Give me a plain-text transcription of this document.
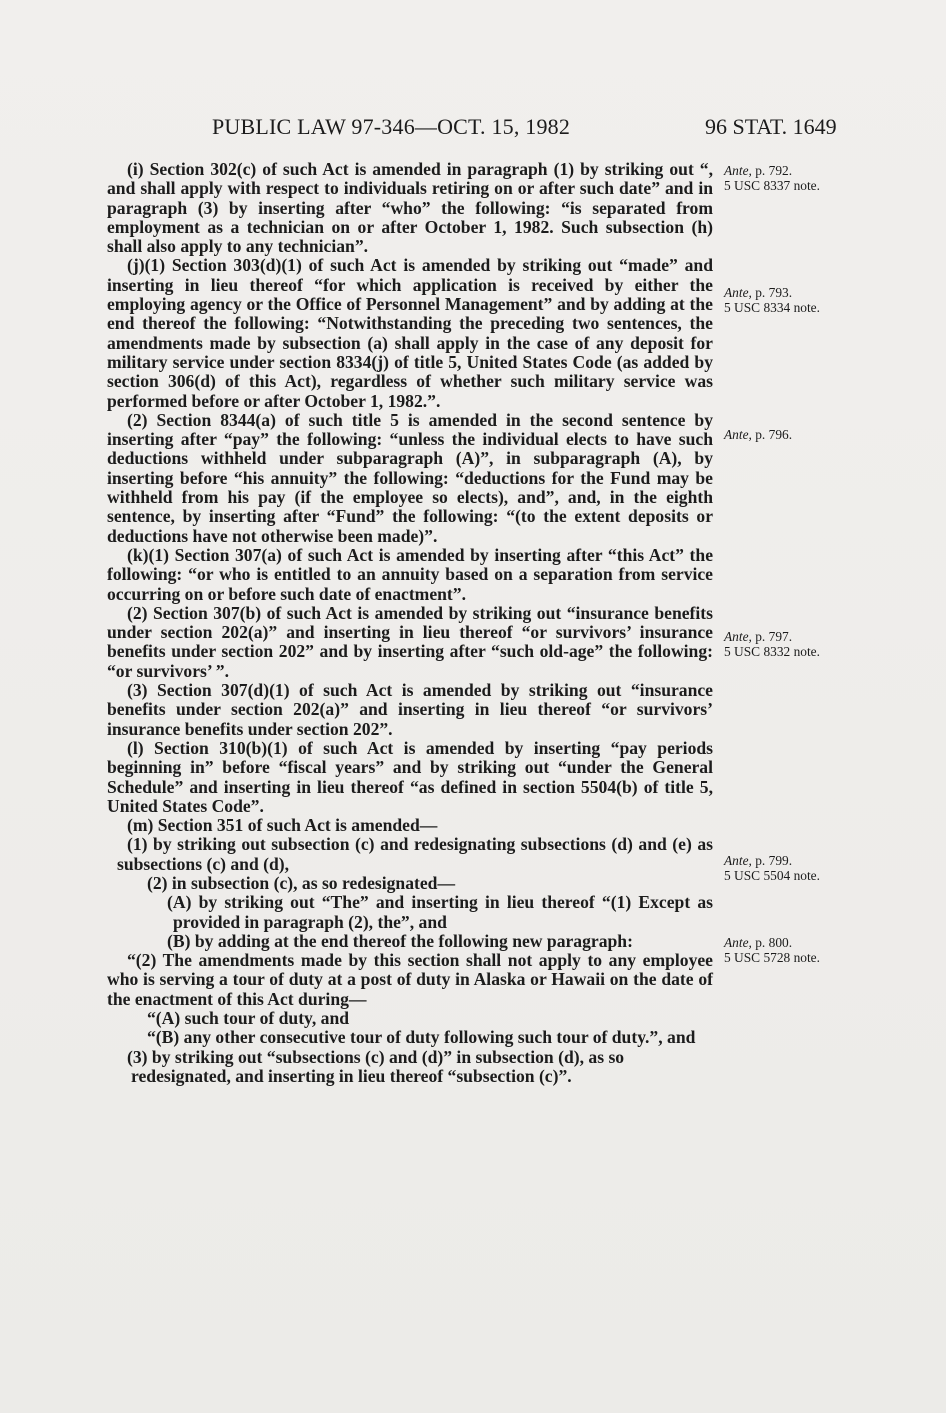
PUBLIC LAW 97-346—OCT. 15, 1982	96 STAT. 1649

(i) Section 302(c) of such Act is amended in paragraph (1) by striking out “, and shall apply with respect to individuals retiring on or after such date” and in paragraph (3) by inserting after “who” the following: “is separated from employment as a technician on or after October 1, 1982. Such subsection (h) shall also apply to any technician”.

(j)(1) Section 303(d)(1) of such Act is amended by striking out “made” and inserting in lieu thereof “for which application is received by either the employing agency or the Office of Personnel Management” and by adding at the end thereof the following: “Notwithstanding the preceding two sentences, the amendments made by subsection (a) shall apply in the case of any deposit for military service under section 8334(j) of title 5, United States Code (as added by section 306(d) of this Act), regardless of whether such military service was performed before or after October 1, 1982.”.

(2) Section 8344(a) of such title 5 is amended in the second sentence by inserting after “pay” the following: “unless the individual elects to have such deductions withheld under subparagraph (A)”, in subparagraph (A), by inserting before “his annuity” the following: “deductions for the Fund may be withheld from his pay (if the employee so elects), and”, and, in the eighth sentence, by inserting after “Fund” the following: “(to the extent deposits or deductions have not otherwise been made)”.

(k)(1) Section 307(a) of such Act is amended by inserting after “this Act” the following: “or who is entitled to an annuity based on a separation from service occurring on or before such date of enactment”.

(2) Section 307(b) of such Act is amended by striking out “insurance benefits under section 202(a)” and inserting in lieu thereof “or survivors’ insurance benefits under section 202” and by inserting after “such old-age” the following: “or survivors’ ”.

(3) Section 307(d)(1) of such Act is amended by striking out “insurance benefits under section 202(a)” and inserting in lieu thereof “or survivors’ insurance benefits under section 202”.

(l) Section 310(b)(1) of such Act is amended by inserting “pay periods beginning in” before “fiscal years” and by striking out “under the General Schedule” and inserting in lieu thereof “as defined in section 5504(b) of title 5, United States Code”.

(m) Section 351 of such Act is amended—

(1) by striking out subsection (c) and redesignating subsections (d) and (e) as subsections (c) and (d),

(2) in subsection (c), as so redesignated—

(A) by striking out “The” and inserting in lieu thereof “(1) Except as provided in paragraph (2), the”, and

(B) by adding at the end thereof the following new paragraph:

“(2) The amendments made by this section shall not apply to any employee who is serving a tour of duty at a post of duty in Alaska or Hawaii on the date of the enactment of this Act during—

“(A) such tour of duty, and

“(B) any other consecutive tour of duty following such tour of duty.”, and

(3) by striking out “subsections (c) and (d)” in subsection (d), as so redesignated, and inserting in lieu thereof “subsection (c)”.

Ante, p. 792.
5 USC 8337 note.
Ante, p. 793.
5 USC 8334 note.
Ante, p. 796.
Ante, p. 797.
5 USC 8332 note.
Ante, p. 799.
5 USC 5504 note.
Ante, p. 800.
5 USC 5728 note.
